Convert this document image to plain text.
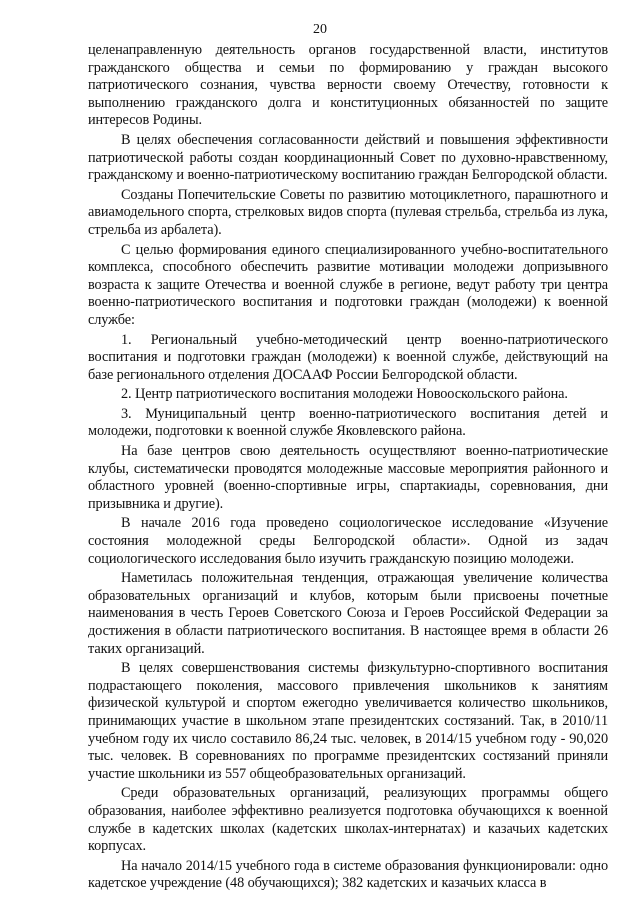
20

целенаправленную деятельность органов государственной власти, институтов гражданского общества и семьи по формированию у граждан высокого патриотического сознания, чувства верности своему Отечеству, готовности к выполнению гражданского долга и конституционных обязанностей по защите интересов Родины.

В целях обеспечения согласованности действий и повышения эффективности патриотической работы создан координационный Совет по духовно-нравственному, гражданскому и военно-патриотическому воспитанию граждан Белгородской области.

Созданы Попечительские Советы по развитию мотоциклетного, парашютного и авиамодельного спорта, стрелковых видов спорта (пулевая стрельба, стрельба из лука, стрельба из арбалета).

С целью формирования единого специализированного учебно-воспитательного комплекса, способного обеспечить развитие мотивации молодежи допризывного возраста к защите Отечества и военной службе в регионе, ведут работу три центра военно-патриотического воспитания и подготовки граждан (молодежи) к военной службе:

1. Региональный учебно-методический центр военно-патриотического воспитания и подготовки граждан (молодежи) к военной службе, действующий на базе регионального отделения ДОСААФ России Белгородской области.

2. Центр патриотического воспитания молодежи Новооскольского района.

3. Муниципальный центр военно-патриотического воспитания детей и молодежи, подготовки к военной службе Яковлевского района.

На базе центров свою деятельность осуществляют военно-патриотические клубы, систематически проводятся молодежные массовые мероприятия районного и областного уровней (военно-спортивные игры, спартакиады, соревнования, дни призывника и другие).

В начале 2016 года проведено социологическое исследование «Изучение состояния молодежной среды Белгородской области». Одной из задач социологического исследования было изучить гражданскую позицию молодежи.

Наметилась положительная тенденция, отражающая увеличение количества образовательных организаций и клубов, которым были присвоены почетные наименования в честь Героев Советского Союза и Героев Российской Федерации за достижения в области патриотического воспитания. В настоящее время в области 26 таких организаций.

В целях совершенствования системы физкультурно-спортивного воспитания подрастающего поколения, массового привлечения школьников к занятиям физической культурой и спортом ежегодно увеличивается количество школьников, принимающих участие в школьном этапе президентских состязаний. Так, в 2010/11 учебном году их число составило 86,24 тыс. человек, в 2014/15 учебном году - 90,020 тыс. человек. В соревнованиях по программе президентских состязаний приняли участие школьники из 557 общеобразовательных организаций.

Среди образовательных организаций, реализующих программы общего образования, наиболее эффективно реализуется подготовка обучающихся к военной службе в кадетских школах (кадетских школах-интернатах) и казачьих кадетских корпусах.

На начало 2014/15 учебного года в системе образования функционировали: одно кадетское учреждение (48 обучающихся); 382 кадетских и казачьих класса в
